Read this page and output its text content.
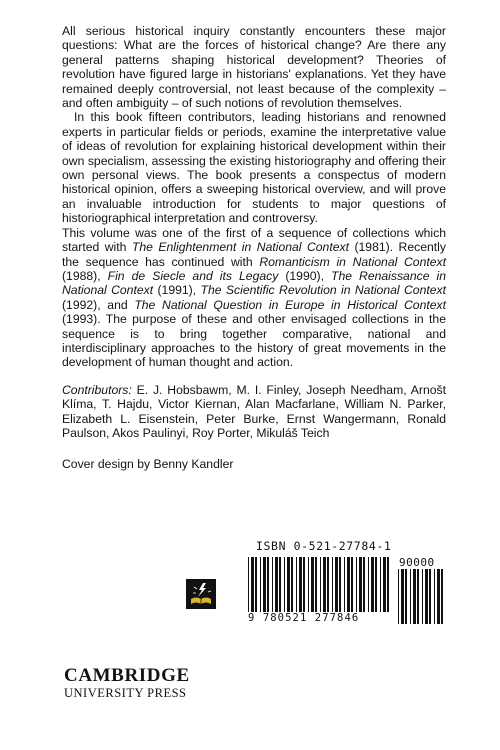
All serious historical inquiry constantly encounters these major questions: What are the forces of historical change? Are there any general patterns shaping historical development? Theories of revolution have figured large in historians' explanations. Yet they have remained deeply controversial, not least because of the complexity – and often ambiguity – of such notions of revolution themselves.

In this book fifteen contributors, leading historians and renowned experts in particular fields or periods, examine the interpretative value of ideas of revolution for explaining historical development within their own specialism, assessing the existing historiography and offering their own personal views. The book presents a conspectus of modern historical opinion, offers a sweeping historical overview, and will prove an invaluable introduction for students to major questions of historiographical interpretation and controversy.

This volume was one of the first of a sequence of collections which started with The Enlightenment in National Context (1981). Recently the sequence has continued with Romanticism in National Context (1988), Fin de Siecle and its Legacy (1990), The Renaissance in National Context (1991), The Scientific Revolution in National Context (1992), and The National Question in Europe in Historical Context (1993). The purpose of these and other envisaged collections in the sequence is to bring together comparative, national and interdisciplinary approaches to the history of great movements in the development of human thought and action.

Contributors: E. J. Hobsbawm, M. I. Finley, Joseph Needham, Arnošt Klíma, T. Hajdu, Victor Kiernan, Alan Macfarlane, William N. Parker, Elizabeth L. Eisenstein, Peter Burke, Ernst Wangermann, Ronald Paulson, Akos Paulinyi, Roy Porter, Mikuláš Teich

Cover design by Benny Kandler

ISBN 0-521-27784-1
90000
9 780521 277846
CAMBRIDGE
UNIVERSITY PRESS
